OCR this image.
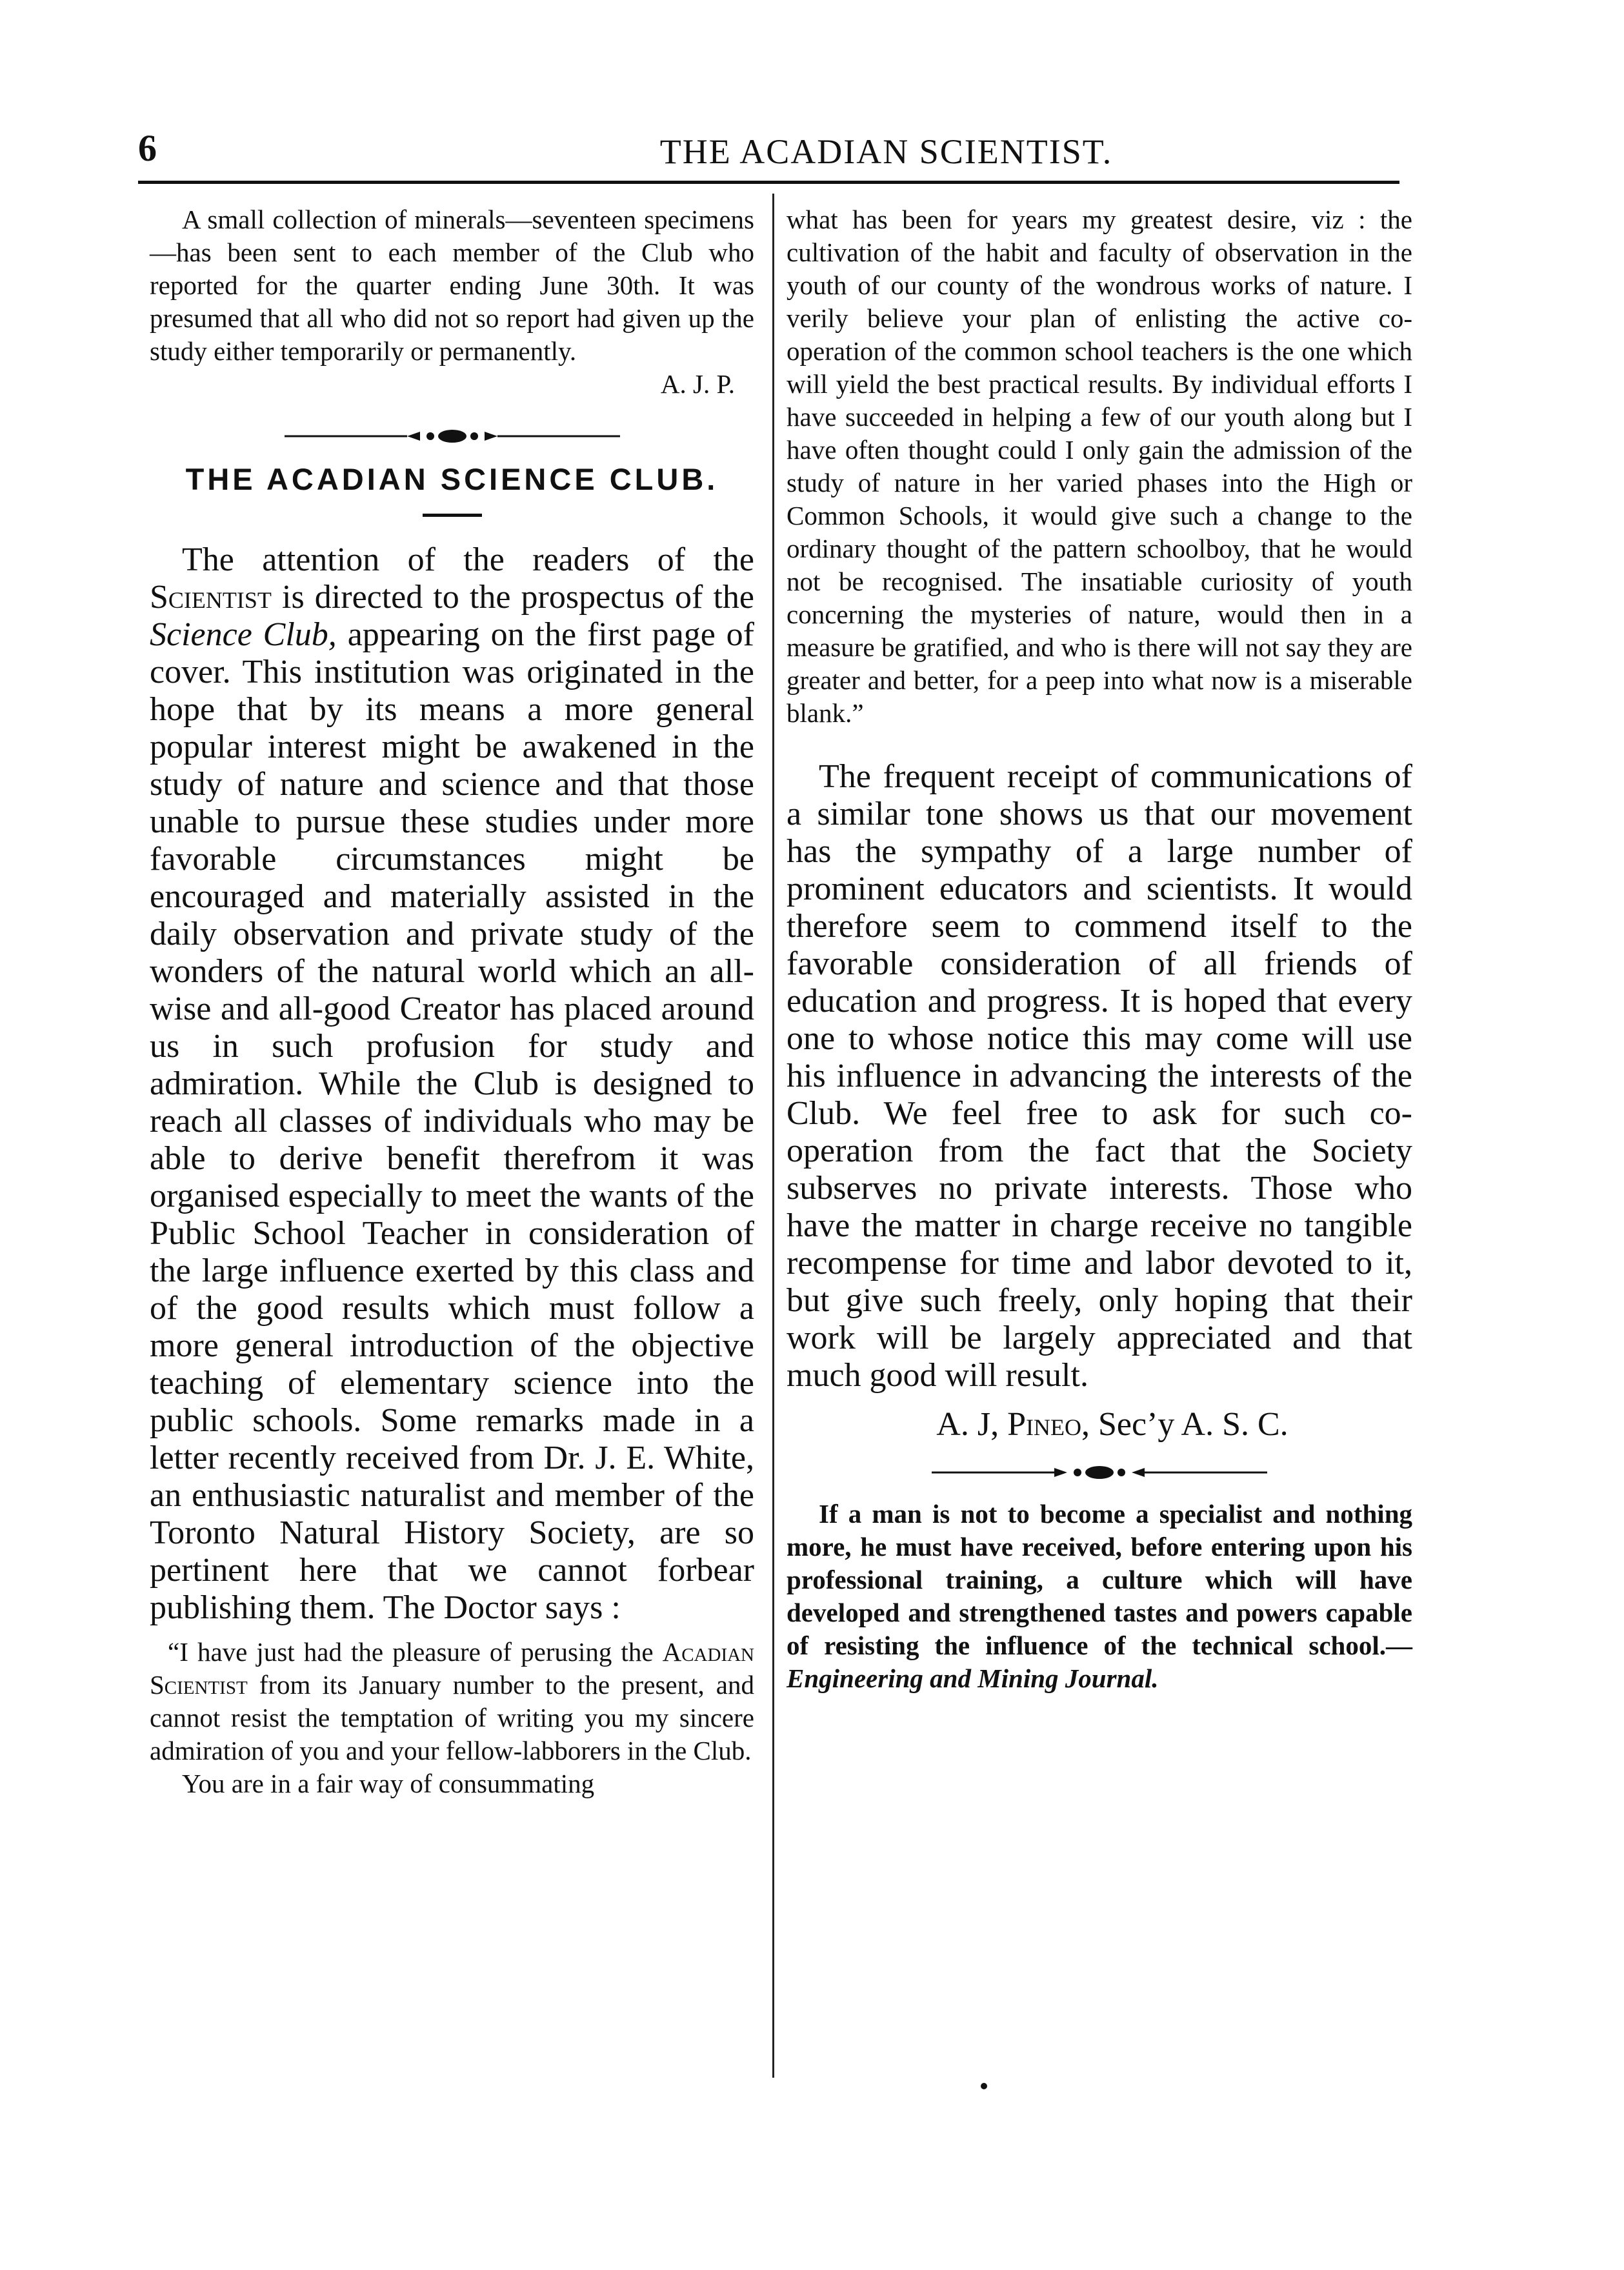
6	THE ACADIAN SCIENTIST.

A small collection of minerals—seventeen specimens—has been sent to each member of the Club who reported for the quarter ending June 30th. It was presumed that all who did not so report had given up the study either temporarily or permanently.

A. J. P.

THE ACADIAN SCIENCE CLUB.

The attention of the readers of the Scientist is directed to the prospectus of the Science Club, appearing on the first page of cover. This institution was originated in the hope that by its means a more general popular interest might be awakened in the study of nature and science and that those unable to pursue these studies under more favorable circumstances might be encouraged and materially assisted in the daily observation and private study of the wonders of the natural world which an all-wise and all-good Creator has placed around us in such profusion for study and admiration. While the Club is designed to reach all classes of individuals who may be able to derive benefit therefrom it was organised especially to meet the wants of the Public School Teacher in consideration of the large influence exerted by this class and of the good results which must follow a more general introduction of the objective teaching of elementary science into the public schools. Some remarks made in a letter recently received from Dr. J. E. White, an enthusiastic naturalist and member of the Toronto Natural History Society, are so pertinent here that we cannot forbear publishing them. The Doctor says :

“I have just had the pleasure of perusing the Acadian Scientist from its January number to the present, and cannot resist the temptation of writing you my sincere admiration of you and your fellow-labborers in the Club.

You are in a fair way of consummating

what has been for years my greatest desire, viz : the cultivation of the habit and faculty of observation in the youth of our county of the wondrous works of nature. I verily believe your plan of enlisting the active co-operation of the common school teachers is the one which will yield the best practical results. By individual efforts I have succeeded in helping a few of our youth along but I have often thought could I only gain the admission of the study of nature in her varied phases into the High or Common Schools, it would give such a change to the ordinary thought of the pattern schoolboy, that he would not be recognised. The insatiable curiosity of youth concerning the mysteries of nature, would then in a measure be gratified, and who is there will not say they are greater and better, for a peep into what now is a miserable blank.”

The frequent receipt of communications of a similar tone shows us that our movement has the sympathy of a large number of prominent educators and scientists. It would therefore seem to commend itself to the favorable consideration of all friends of education and progress. It is hoped that every one to whose notice this may come will use his influence in advancing the interests of the Club. We feel free to ask for such co-operation from the fact that the Society subserves no private interests. Those who have the matter in charge receive no tangible recompense for time and labor devoted to it, but give such freely, only hoping that their work will be largely appreciated and that much good will result.

A. J, Pineo, Sec’y A. S. C.

If a man is not to become a specialist and nothing more, he must have received, before entering upon his professional training, a culture which will have developed and strengthened tastes and powers capable of resisting the influence of the technical school.—Engineering and Mining Journal.
